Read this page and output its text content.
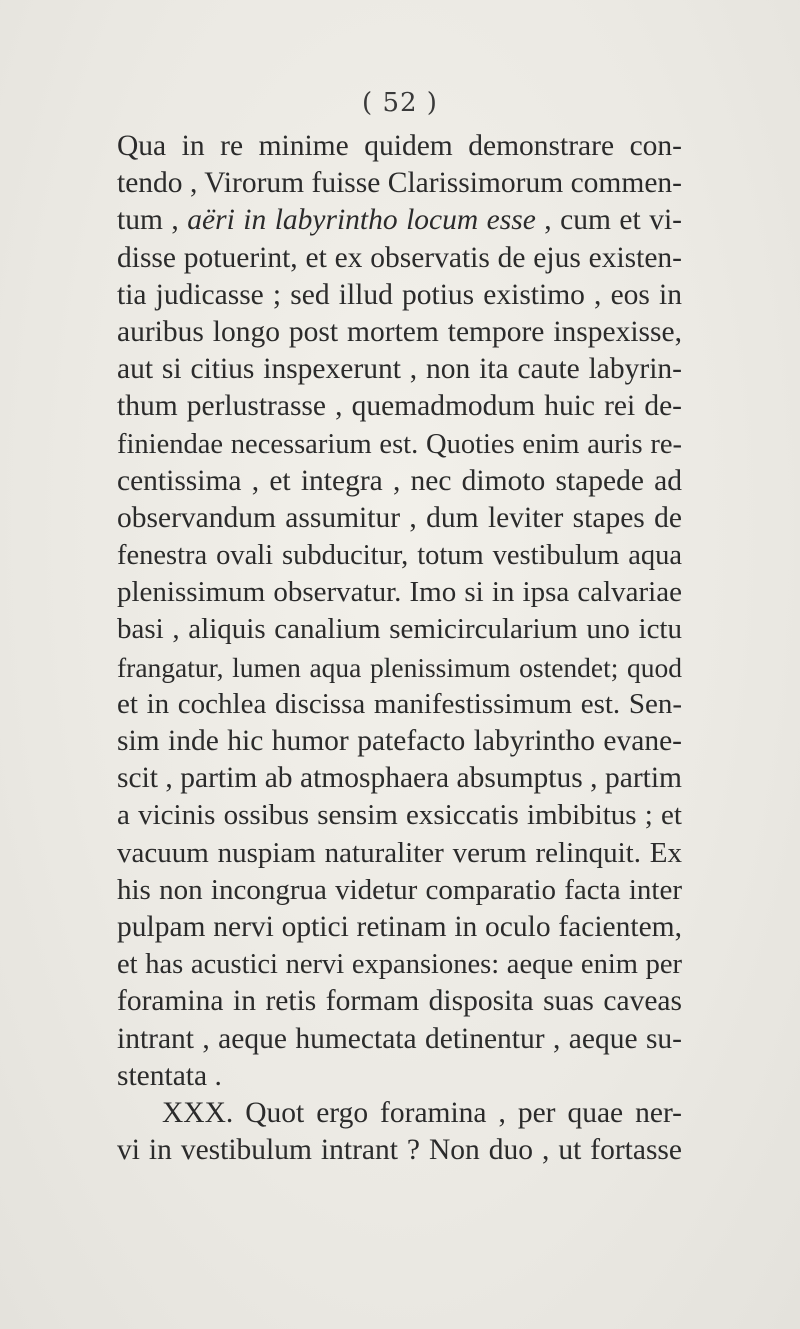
( 52 )
Qua in re minime quidem demonstrare con-
tendo , Virorum fuisse Clarissimorum commen-
tum , aëri in labyrintho locum esse , cum et vi-
disse potuerint, et ex observatis de ejus existen-
tia judicasse ; sed illud potius existimo , eos in
auribus longo post mortem tempore inspexisse,
aut si citius inspexerunt , non ita caute labyrin-
thum perlustrasse , quemadmodum huic rei de-
finiendae necessarium est. Quoties enim auris re-
centissima , et integra , nec dimoto stapede ad
observandum assumitur , dum leviter stapes de
fenestra ovali subducitur, totum vestibulum aqua
plenissimum observatur. Imo si in ipsa calvariae
basi , aliquis canalium semicircularium uno ictu
frangatur, lumen aqua plenissimum ostendet; quod
et in cochlea discissa manifestissimum est. Sen-
sim inde hic humor patefacto labyrintho evane-
scit , partim ab atmosphaera absumptus , partim
a vicinis ossibus sensim exsiccatis imbibitus ; et
vacuum nuspiam naturaliter verum relinquit. Ex
his non incongrua videtur comparatio facta inter
pulpam nervi optici retinam in oculo facientem,
et has acustici nervi expansiones: aeque enim per
foramina in retis formam disposita suas caveas
intrant , aeque humectata detinentur , aeque su-
stentata .
XXX. Quot ergo foramina , per quae ner-
vi in vestibulum intrant ? Non duo , ut fortasse
